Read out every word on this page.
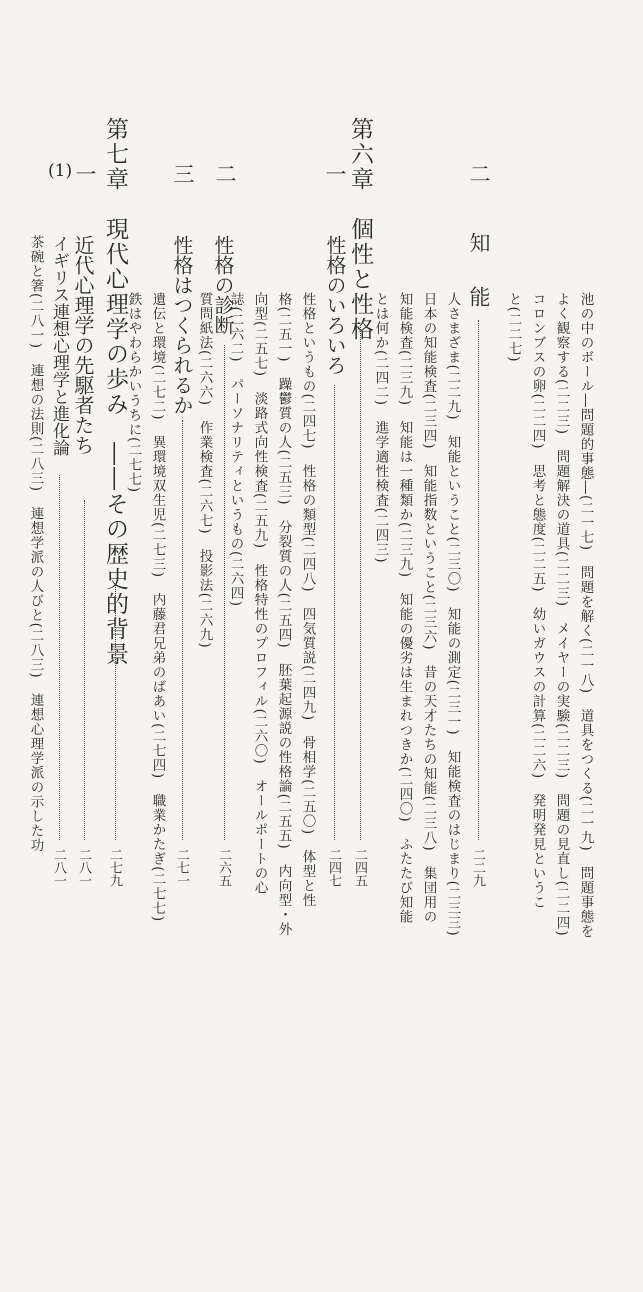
池の中のボール―問題的事態―(二一七)　問題を解く(二一八)　道具をつくる(二一九)　問題事態を
よく観察する(二二三)　問題解決の道具(二二三)　メイヤーの実験(二二三)　問題の見直し(二二四)
コロンブスの卵(二二四)　思考と態度(二二五)　幼いガウスの計算(二二六)　発明発見というこ
と(二二七)
二
知　能
二二九
人さまざま(二二九)　知能ということ(二三〇)　知能の測定(二三一)　知能検査のはじまり(二三三)
日本の知能検査(二三四)　知能指数ということ(二三六)　昔の天才たちの知能(二三八)　集団用の
知能検査(二三九)　知能は一種類か(二三九)　知能の優劣は生まれつきか(二四〇)　ふたたび知能
とは何か(二四二)　進学適性検査(二四三)
第六章　個性と性格
二四五
一
性格のいろいろ
二四七
性格というもの(二四七)　性格の類型(二四八)　四気質説(二四九)　骨相学(二五〇)　体型と性
格(二五一)　躁鬱質の人(二五三)　分裂質の人(二五四)　胚葉起源説の性格論(二五五)　内向型・外
向型(二五七)　淡路式向性検査(二五九)　性格特性のプロフィル(二六〇)　オールポートの心
誌(二六二)　パーソナリティというもの(二六四)
二
性格の診断
二六五
質問紙法(二六六)　作業検査(二六七)　投影法(二六九)
三
性格はつくられるか
二七一
遺伝と環境(二七二)　異環境双生児(二七三)　内藤君兄弟のばあい(二七四)　職業かたぎ(二七七)
鉄はやわらかいうちに(二七七)
第七章　現代心理学の歩み　――その歴史的背景
二七九
一
近代心理学の先駆者たち
二八一
(1)
イギリス連想心理学と進化論
二八一
茶碗と箸(二八一)　連想の法則(二八三)　連想学派の人びと(二八三)　連想心理学派の示した功
